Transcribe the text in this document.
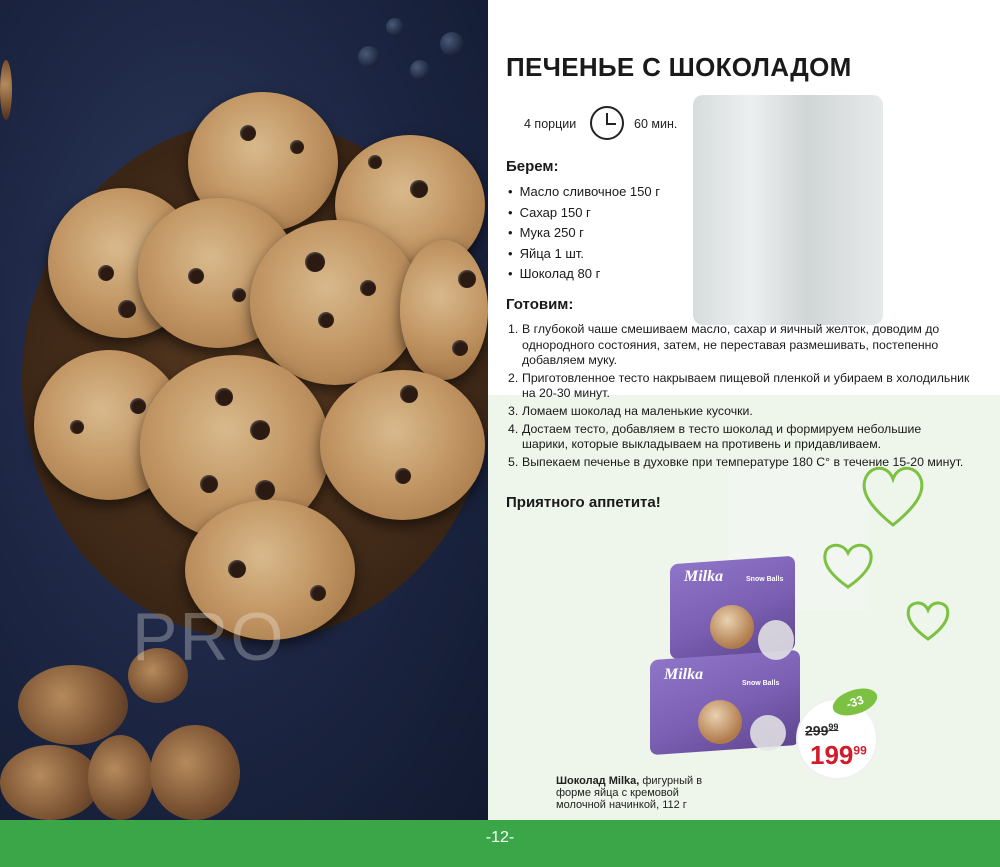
PRO
ПЕЧЕНЬЕ С ШОКОЛАДОМ
4 порции	60 мин.
Берем:
• Масло сливочное 150 г
• Сахар 150 г
• Мука 250 г
• Яйца 1 шт.
• Шоколад 80 г
Готовим:
1. В глубокой чаше смешиваем масло, сахар и яичный желток, доводим до однородного состояния, затем, не переставая размешивать, постепенно добавляем муку.
2. Приготовленное тесто накрываем пищевой пленкой и убираем в холодильник на 20-30 минут.
3. Ломаем шоколад на маленькие кусочки.
4. Достаем тесто, добавляем в тесто шоколад и формируем небольшие шарики, которые выкладываем на противень и придавливаем.
5. Выпекаем печенье в духовке при температуре 180 С° в течение 15-20 минут.
Приятного аппетита!
Milka
Milka
Snow Balls
Snow Balls
Шоколад Milka, фигурный в форме яйца с кремовой молочной начинкой, 112 г
-33
$299^{99}$
$199^{99}$
-12-
